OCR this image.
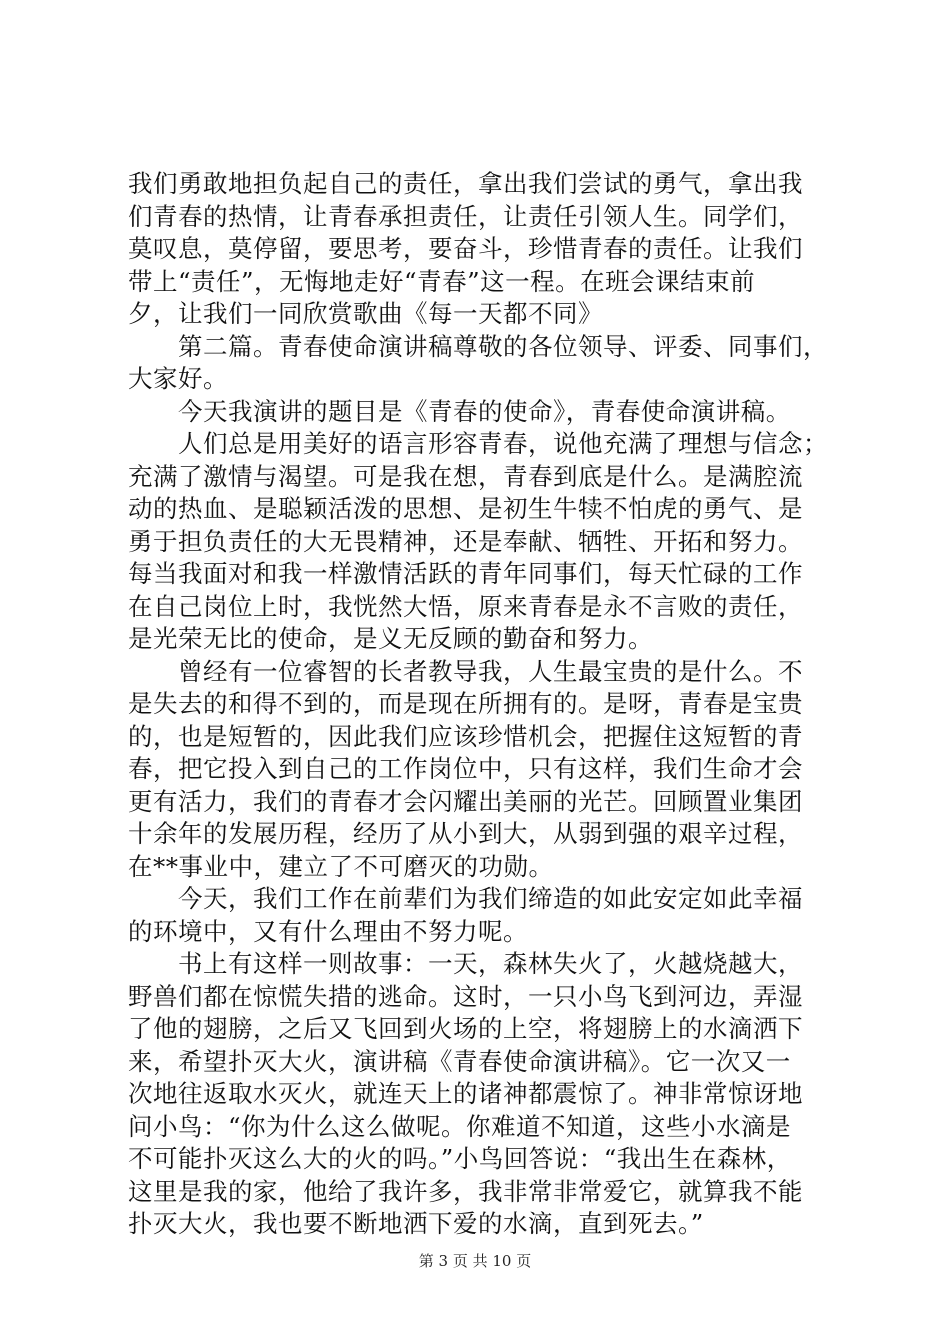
我们勇敢地担负起自己的责任，拿出我们尝试的勇气，拿出我
们青春的热情，让青春承担责任，让责任引领人生。同学们，
莫叹息，莫停留，要思考，要奋斗，珍惜青春的责任。让我们
带上“责任”，无悔地走好“青春”这一程。在班会课结束前
夕，让我们一同欣赏歌曲《每一天都不同》
第二篇。青春使命演讲稿尊敬的各位领导、评委、同事们，
大家好。
今天我演讲的题目是《青春的使命》，青春使命演讲稿。
人们总是用美好的语言形容青春，说他充满了理想与信念；
充满了激情与渴望。可是我在想，青春到底是什么。是满腔流
动的热血、是聪颖活泼的思想、是初生牛犊不怕虎的勇气、是
勇于担负责任的大无畏精神，还是奉献、牺牲、开拓和努力。
每当我面对和我一样激情活跃的青年同事们，每天忙碌的工作
在自己岗位上时，我恍然大悟，原来青春是永不言败的责任，
是光荣无比的使命，是义无反顾的勤奋和努力。
曾经有一位睿智的长者教导我，人生最宝贵的是什么。不
是失去的和得不到的，而是现在所拥有的。是呀，青春是宝贵
的，也是短暂的，因此我们应该珍惜机会，把握住这短暂的青
春，把它投入到自己的工作岗位中，只有这样，我们生命才会
更有活力，我们的青春才会闪耀出美丽的光芒。回顾置业集团
十余年的发展历程，经历了从小到大，从弱到强的艰辛过程，
在**事业中，建立了不可磨灭的功勋。
今天，我们工作在前辈们为我们缔造的如此安定如此幸福
的环境中，又有什么理由不努力呢。
书上有这样一则故事：一天，森林失火了，火越烧越大，
野兽们都在惊慌失措的逃命。这时，一只小鸟飞到河边，弄湿
了他的翅膀，之后又飞回到火场的上空，将翅膀上的水滴洒下
来，希望扑灭大火，演讲稿《青春使命演讲稿》。它一次又一
次地往返取水灭火，就连天上的诸神都震惊了。神非常惊讶地
问小鸟：“你为什么这么做呢。你难道不知道，这些小水滴是
不可能扑灭这么大的火的吗。”小鸟回答说：“我出生在森林，
这里是我的家，他给了我许多，我非常非常爱它，就算我不能
扑灭大火，我也要不断地洒下爱的水滴，直到死去。”
第 3 页 共 10 页
